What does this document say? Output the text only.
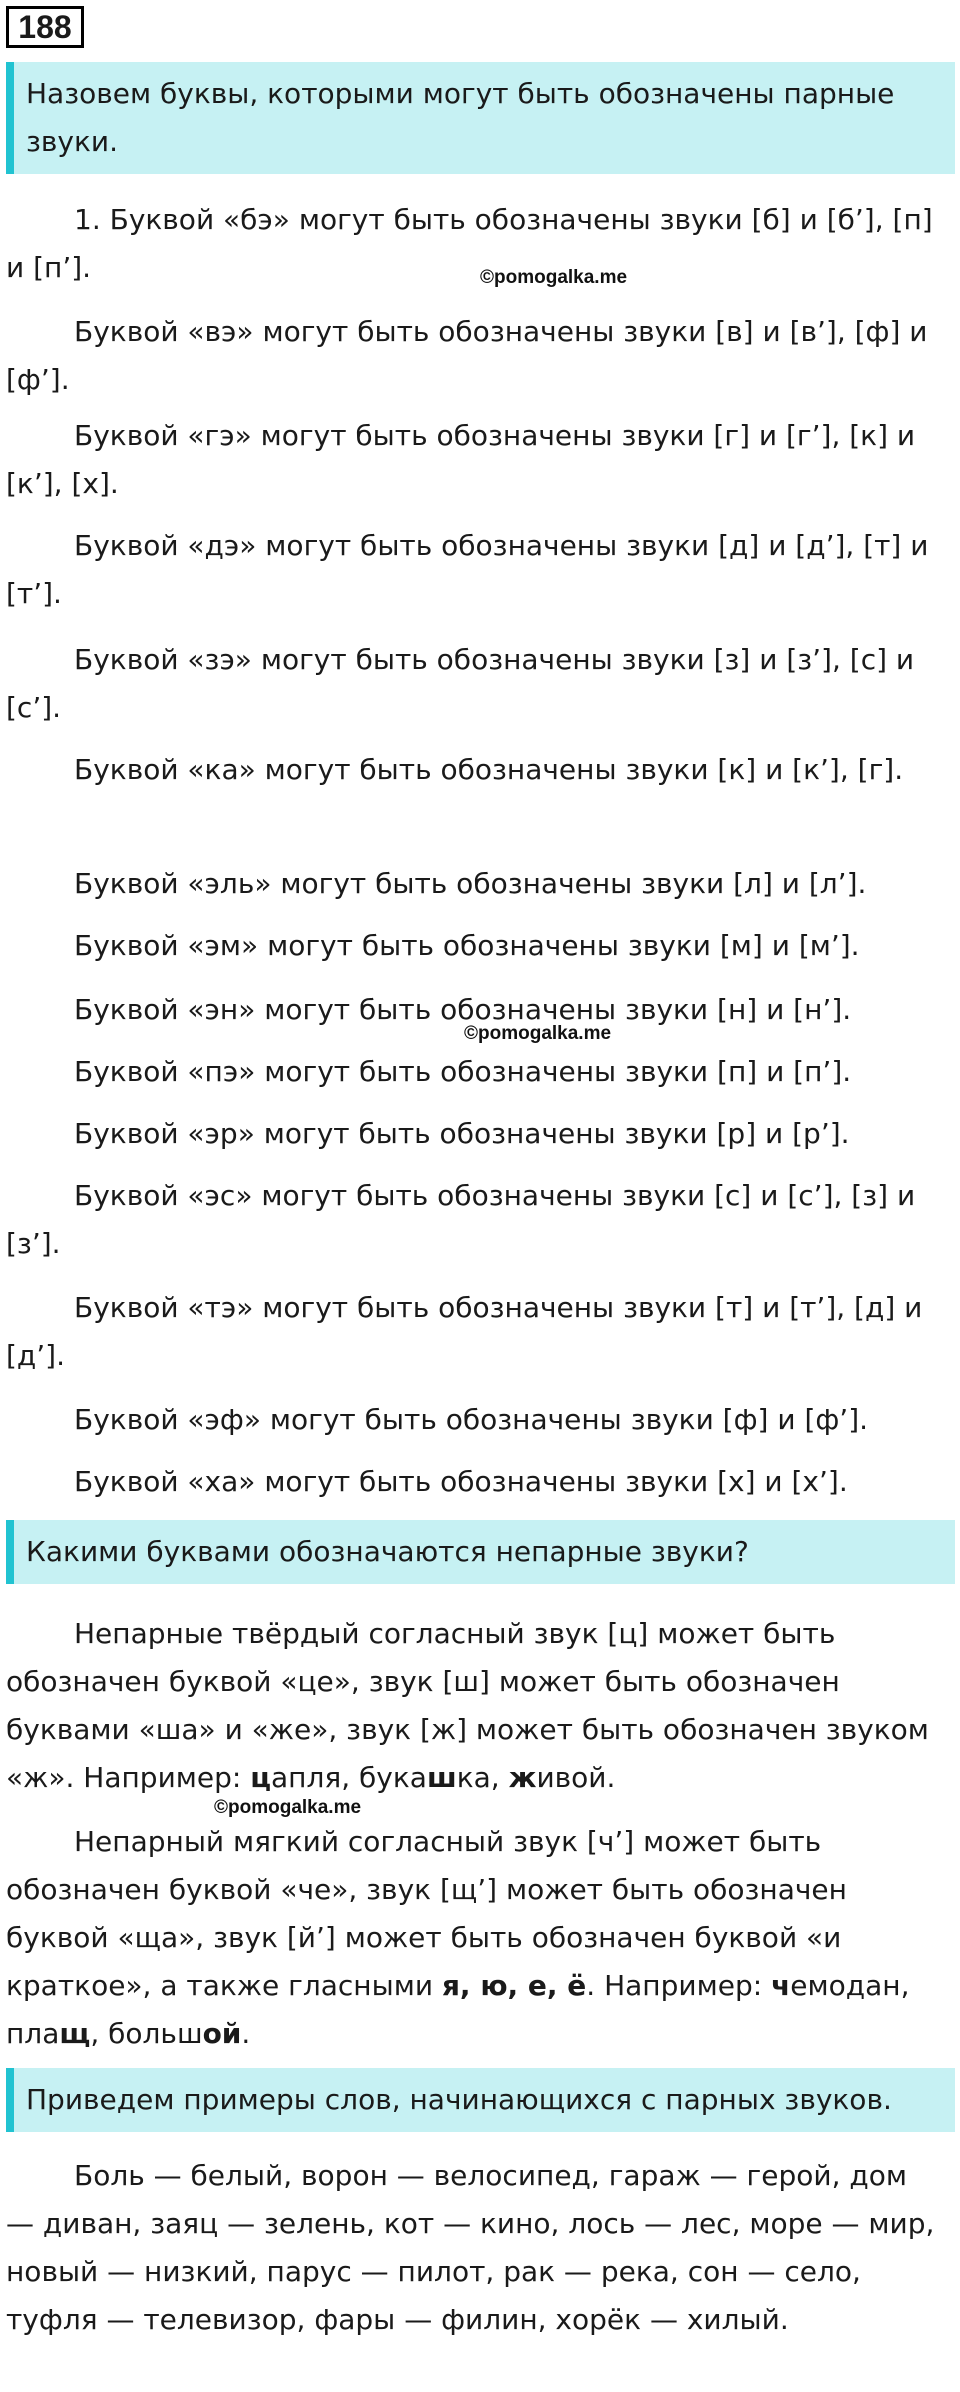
188
Назовем буквы, которыми могут быть обозначены парные звуки.

1. Буквой «бэ» могут быть обозначены звуки [б] и [б’], [п] и [п’].

Буквой «вэ» могут быть обозначены звуки [в] и [в’], [ф] и [ф’].

Буквой «гэ» могут быть обозначены звуки [г] и [г’], [к] и [к’], [х].

Буквой «дэ» могут быть обозначены звуки [д] и [д’], [т] и [т’].

Буквой «зэ» могут быть обозначены звуки [з] и [з’], [с] и [с’].

Буквой «ка» могут быть обозначены звуки [к] и [к’], [г].

Буквой «эль» могут быть обозначены звуки [л] и [л’].

Буквой «эм» могут быть обозначены звуки [м] и [м’].

Буквой «эн» могут быть обозначены звуки [н] и [н’].

Буквой «пэ» могут быть обозначены звуки [п] и [п’].

Буквой «эр» могут быть обозначены звуки [р] и [р’].

Буквой «эс» могут быть обозначены звуки [с] и [с’], [з] и [з’].

Буквой «тэ» могут быть обозначены звуки [т] и [т’], [д] и [д’].

Буквой «эф» могут быть обозначены звуки [ф] и [ф’].

Буквой «ха» могут быть обозначены звуки [х] и [х’].

Какими буквами обозначаются непарные звуки?

Непарные твёрдый согласный звук [ц] может быть обозначен буквой «це», звук [ш] может быть обозначен буквами «ша» и «же», звук [ж] может быть обозначен звуком «ж». Например: цапля, букашка, живой.

Непарный мягкий согласный звук [ч’] может быть обозначен буквой «че», звук [щ’] может быть обозначен буквой «ща», звук [й’] может быть обозначен буквой «и краткое», а также гласными я, ю, е, ё. Например: чемодан, плащ, большой.

Приведем примеры слов, начинающихся с парных звуков.

Боль — белый, ворон — велосипед, гараж — герой, дом — диван, заяц — зелень, кот — кино, лось — лес, море — мир, новый — низкий, парус — пилот, рак — река, сон — село, туфля — телевизор, фары — филин, хорёк — хилый.

©pomogalka.me
©pomogalka.me
©pomogalka.me
